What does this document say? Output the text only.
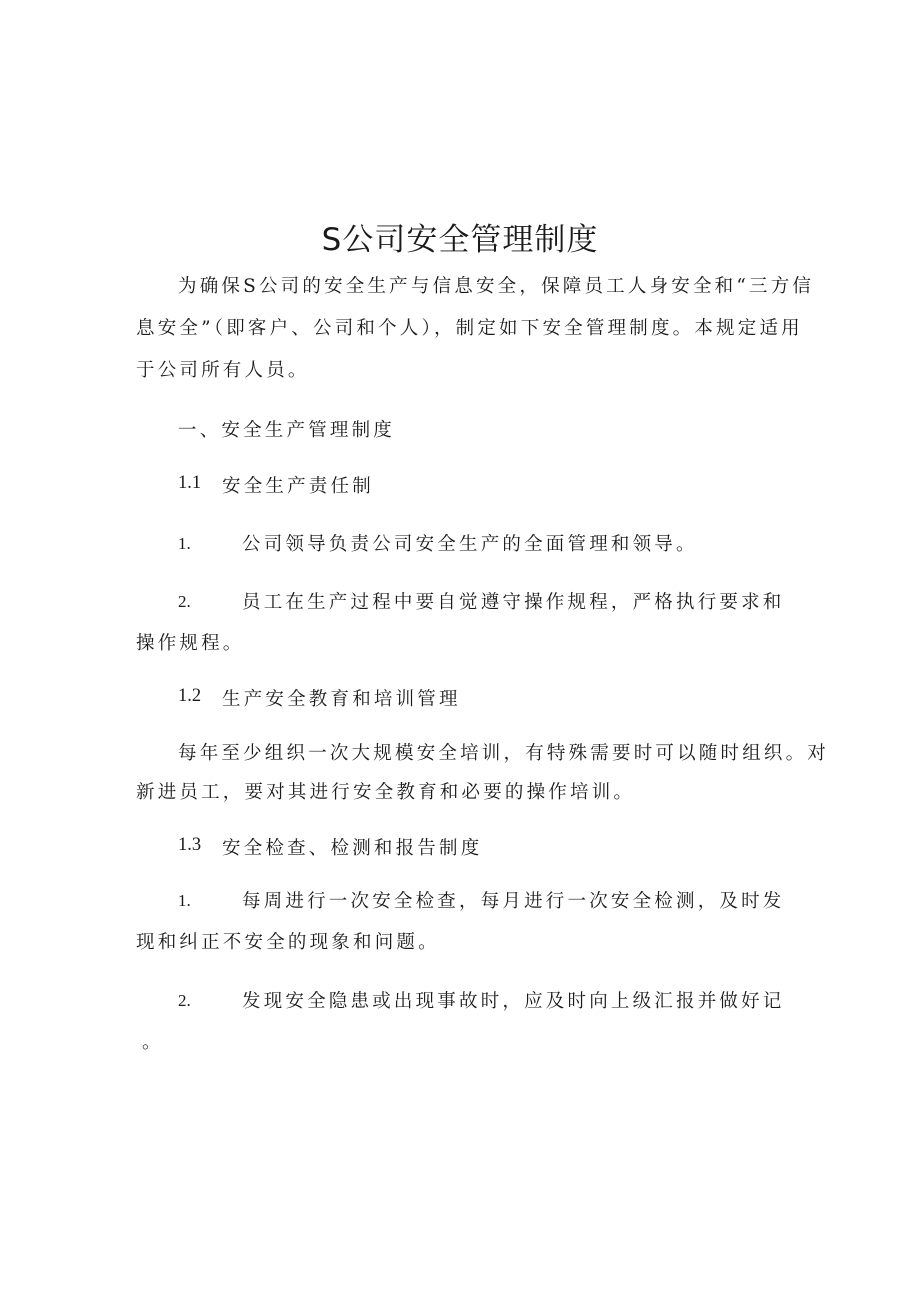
S公司安全管理制度

为确保S公司的安全生产与信息安全，保障员工人身安全和“三方信

息安全”（即客户、公司和个人），制定如下安全管理制度。本规定适用

于公司所有人员。

一、安全生产管理制度

1.1 安全生产责任制

1.	公司领导负责公司安全生产的全面管理和领导。

2.	员工在生产过程中要自觉遵守操作规程，严格执行要求和

操作规程。

1.2 生产安全教育和培训管理

每年至少组织一次大规模安全培训，有特殊需要时可以随时组织。对

新进员工，要对其进行安全教育和必要的操作培训。

1.3 安全检查、检测和报告制度

1.	每周进行一次安全检查，每月进行一次安全检测，及时发

现和纠正不安全的现象和问题。

2.	发现安全隐患或出现事故时，应及时向上级汇报并做好记

。
